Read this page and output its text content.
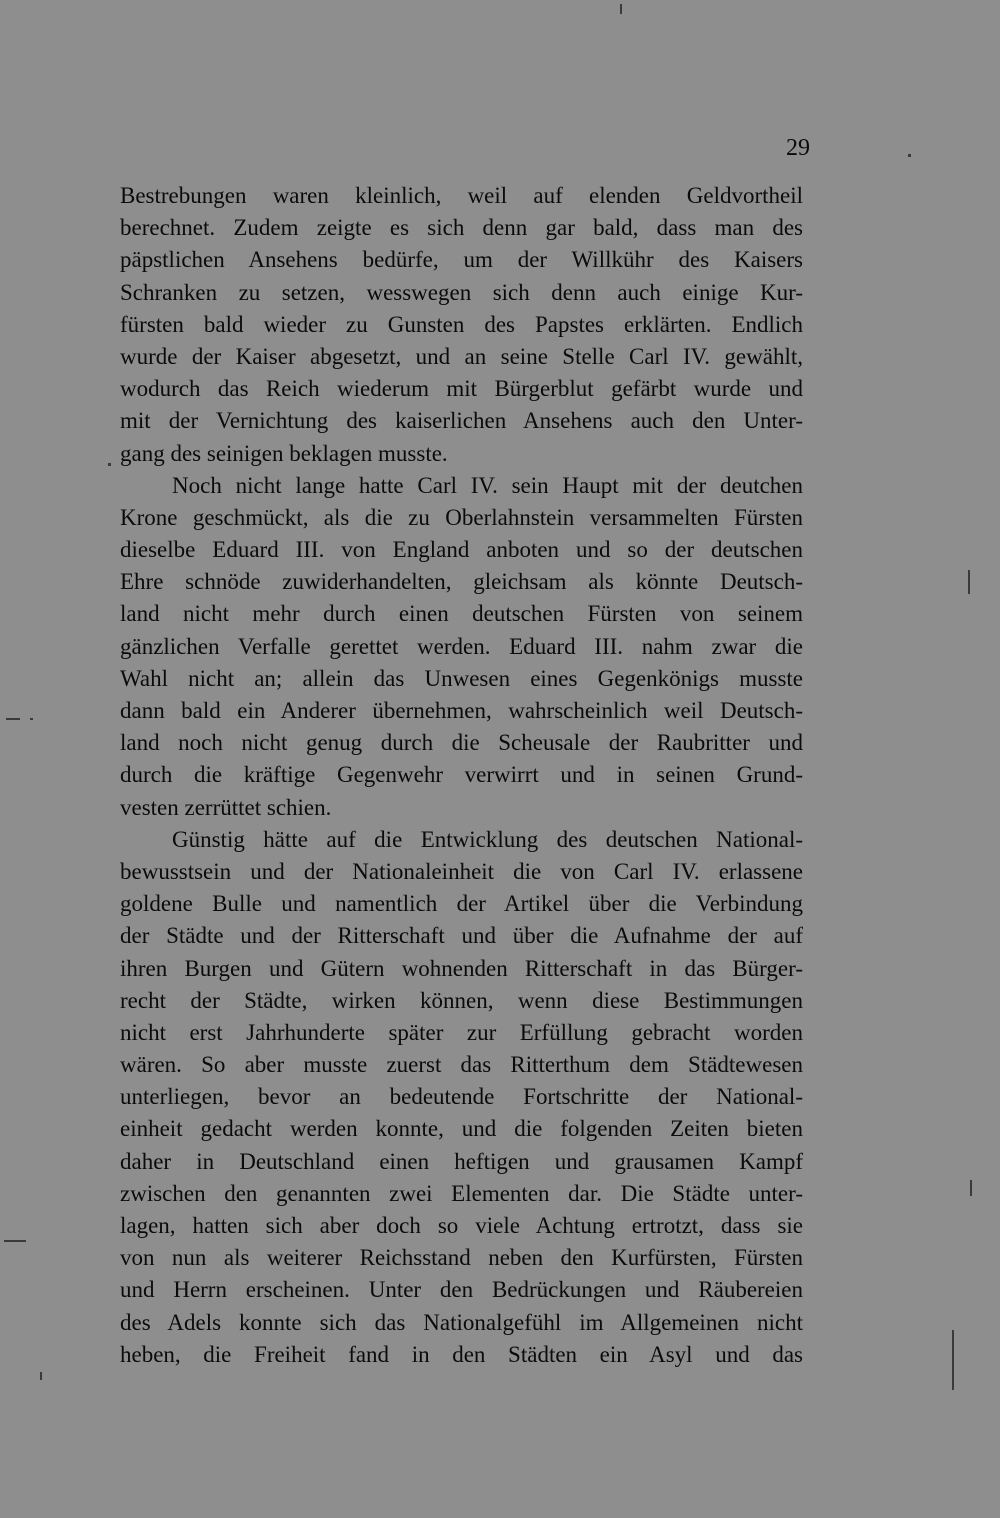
29
Bestrebungen waren kleinlich, weil auf elenden Geldvortheil
berechnet. Zudem zeigte es sich denn gar bald, dass man des
päpstlichen Ansehens bedürfe, um der Willkühr des Kaisers
Schranken zu setzen, wesswegen sich denn auch einige Kur-
fürsten bald wieder zu Gunsten des Papstes erklärten. Endlich
wurde der Kaiser abgesetzt, und an seine Stelle Carl IV. gewählt,
wodurch das Reich wiederum mit Bürgerblut gefärbt wurde und
mit der Vernichtung des kaiserlichen Ansehens auch den Unter-
gang des seinigen beklagen musste.
Noch nicht lange hatte Carl IV. sein Haupt mit der deutchen
Krone geschmückt, als die zu Oberlahnstein versammelten Fürsten
dieselbe Eduard III. von England anboten und so der deutschen
Ehre schnöde zuwiderhandelten, gleichsam als könnte Deutsch-
land nicht mehr durch einen deutschen Fürsten von seinem
gänzlichen Verfalle gerettet werden. Eduard III. nahm zwar die
Wahl nicht an; allein das Unwesen eines Gegenkönigs musste
dann bald ein Anderer übernehmen, wahrscheinlich weil Deutsch-
land noch nicht genug durch die Scheusale der Raubritter und
durch die kräftige Gegenwehr verwirrt und in seinen Grund-
vesten zerrüttet schien.
Günstig hätte auf die Entwicklung des deutschen National-
bewusstsein und der Nationaleinheit die von Carl IV. erlassene
goldene Bulle und namentlich der Artikel über die Verbindung
der Städte und der Ritterschaft und über die Aufnahme der auf
ihren Burgen und Gütern wohnenden Ritterschaft in das Bürger-
recht der Städte, wirken können, wenn diese Bestimmungen
nicht erst Jahrhunderte später zur Erfüllung gebracht worden
wären. So aber musste zuerst das Ritterthum dem Städtewesen
unterliegen, bevor an bedeutende Fortschritte der National-
einheit gedacht werden konnte, und die folgenden Zeiten bieten
daher in Deutschland einen heftigen und grausamen Kampf
zwischen den genannten zwei Elementen dar. Die Städte unter-
lagen, hatten sich aber doch so viele Achtung ertrotzt, dass sie
von nun als weiterer Reichsstand neben den Kurfürsten, Fürsten
und Herrn erscheinen. Unter den Bedrückungen und Räubereien
des Adels konnte sich das Nationalgefühl im Allgemeinen nicht
heben, die Freiheit fand in den Städten ein Asyl und das
